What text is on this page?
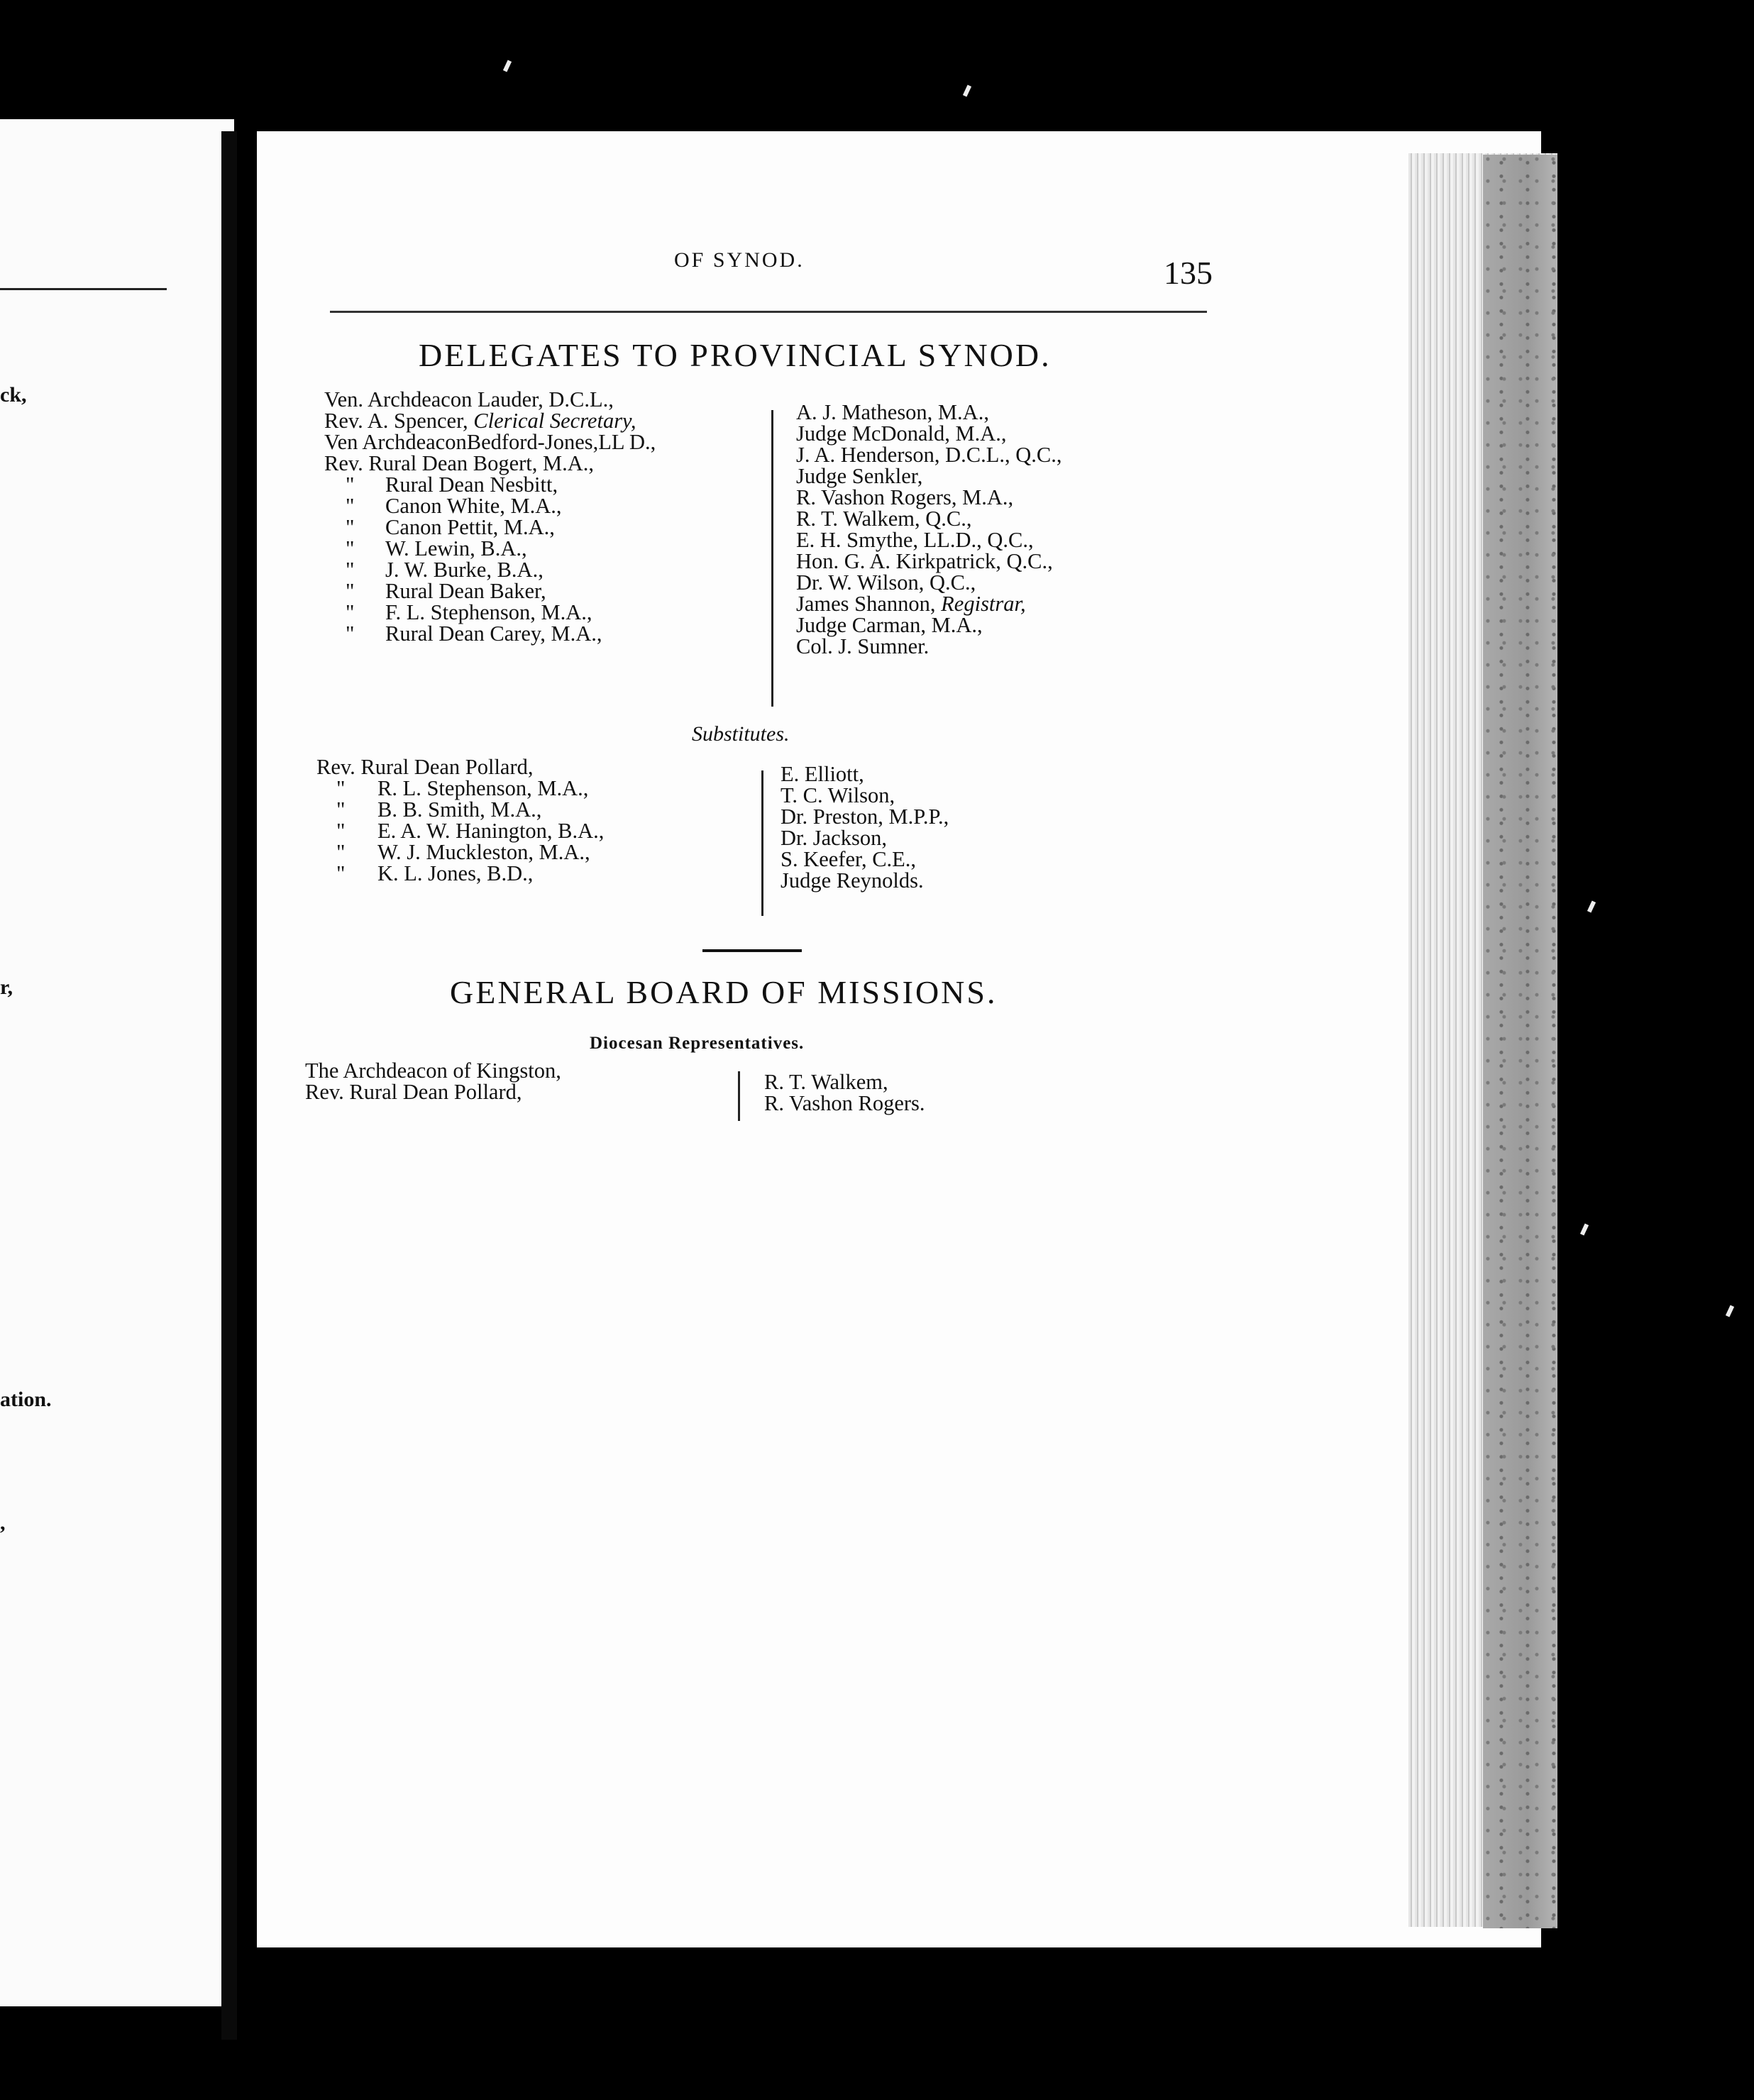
ck,
r,
ation.
,
OF SYNOD.	135
DELEGATES TO PROVINCIAL SYNOD.
Ven. Archdeacon Lauder, D.C.L.,
Rev. A. Spencer, Clerical Secretary,
Ven ArchdeaconBedford-Jones,LL D.,
Rev. Rural Dean Bogert, M.A.,
" Rural Dean Nesbitt,
" Canon White, M.A.,
" Canon Pettit, M.A.,
" W. Lewin, B.A.,
" J. W. Burke, B.A.,
" Rural Dean Baker,
" F. L. Stephenson, M.A.,
" Rural Dean Carey, M.A.,
A. J. Matheson, M.A.,
Judge McDonald, M.A.,
J. A. Henderson, D.C.L., Q.C.,
Judge Senkler,
R. Vashon Rogers, M.A.,
R. T. Walkem, Q.C.,
E. H. Smythe, LL.D., Q.C.,
Hon. G. A. Kirkpatrick, Q.C.,
Dr. W. Wilson, Q.C.,
James Shannon, Registrar,
Judge Carman, M.A.,
Col. J. Sumner.
Substitutes.
Rev. Rural Dean Pollard,
" R. L. Stephenson, M.A.,
" B. B. Smith, M.A.,
" E. A. W. Hanington, B.A.,
" W. J. Muckleston, M.A.,
" K. L. Jones, B.D.,
E. Elliott,
T. C. Wilson,
Dr. Preston, M.P.P.,
Dr. Jackson,
S. Keefer, C.E.,
Judge Reynolds.
GENERAL BOARD OF MISSIONS.
Diocesan Representatives.
The Archdeacon of Kingston,
Rev. Rural Dean Pollard,	R. T. Walkem,
R. Vashon Rogers.
